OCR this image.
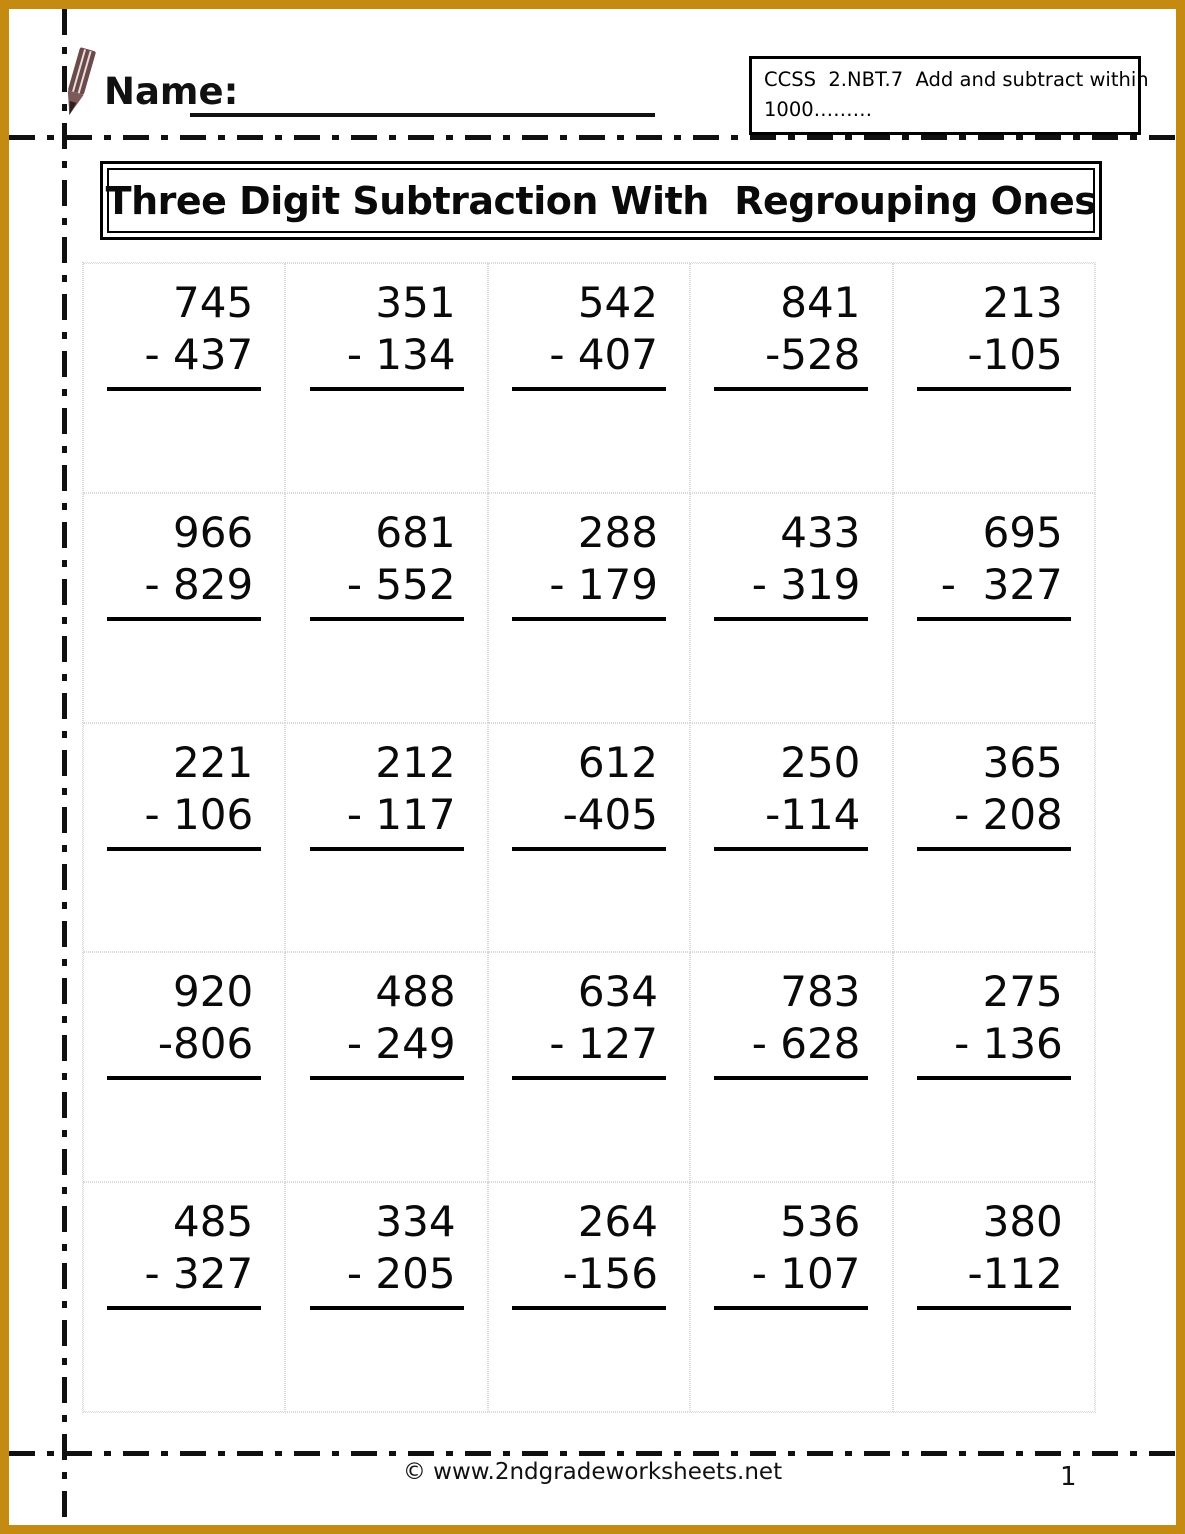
Name:	CCSS  2.NBT.7  Add and subtract within
1000………
Three Digit Subtraction With  Regrouping Ones
745
- 437
351
- 134
542
- 407
841
-528
213
-105
966
- 829
681
- 552
288
- 179
433
- 319
695
-  327
221
- 106
212
- 117
612
-405
250
-114
365
- 208
920
-806
488
- 249
634
- 127
783
- 628
275
- 136
485
- 327
334
- 205
264
-156
536
- 107
380
-112
© www.2ndgradeworksheets.net	1
